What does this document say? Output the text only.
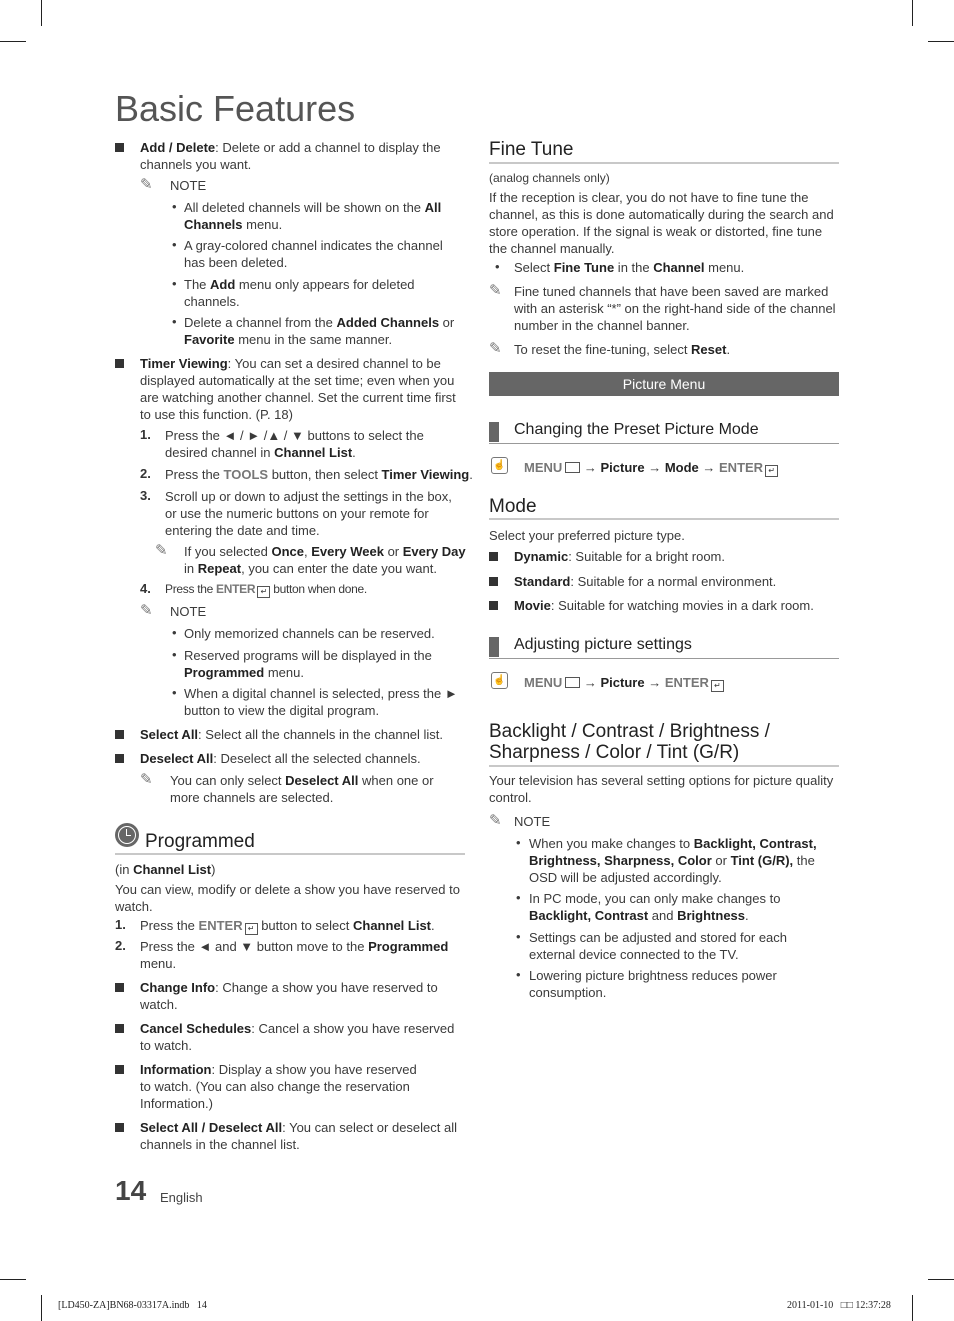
Basic Features
Add / Delete: Delete or add a channel to display the channels you want.
✎ NOTE
• All deleted channels will be shown on the All Channels menu.
• A gray-colored channel indicates the channel has been deleted.
• The Add menu only appears for deleted channels.
• Delete a channel from the Added Channels or
Favorite menu in the same manner.
Timer Viewing: You can set a desired channel to be displayed automatically at the set time; even when you are watching another channel. Set the current time first to use this function. (P. 18)
1. Press the ◄ / ► /▲ / ▼ buttons to select the desired channel in Channel List.
2. Press the TOOLS button, then select Timer Viewing.
3. Scroll up or down to adjust the settings in the box, or use the numeric buttons on your remote for entering the date and time.
✎ If you selected Once, Every Week or Every Day
in Repeat, you can enter the date you want.
4. Press the ENTER ↵ button when done.
✎ NOTE
• Only memorized channels can be reserved.
• Reserved programs will be displayed in the Programmed menu.
• When a digital channel is selected, press the ► button to view the digital program.
Select All: Select all the channels in the channel list.
Deselect All: Deselect all the selected channels.
✎ You can only select Deselect All when one or more channels are selected.
Programmed
(in Channel List)
You can view, modify or delete a show you have reserved to watch.
1. Press the ENTER ↵ button to select Channel List.
2. Press the ◄ and ▼ button move to the Programmed menu.
Change Info: Change a show you have reserved to watch.
Cancel Schedules: Cancel a show you have reserved to watch.
Information: Display a show you have reserved to watch. (You can also change the reservation Information.)
Select All / Deselect All: You can select or deselect all channels in the channel list.
Fine Tune
(analog channels only)
If the reception is clear, you do not have to fine tune the channel, as this is done automatically during the search and store operation. If the signal is weak or distorted, fine tune the channel manually.
• Select Fine Tune in the Channel menu.
✎ Fine tuned channels that have been saved are marked with an asterisk “*” on the right-hand side of the channel number in the channel banner.
✎ To reset the fine-tuning, select Reset.
Picture Menu
Changing the Preset Picture Mode
☝ MENU → Picture → Mode → ENTER ↵
Mode
Select your preferred picture type.
Dynamic: Suitable for a bright room.
Standard: Suitable for a normal environment.
Movie: Suitable for watching movies in a dark room.
Adjusting picture settings
☝ MENU → Picture → ENTER ↵
Backlight / Contrast / Brightness /
Sharpness / Color / Tint (G/R)
Your television has several setting options for picture quality control.
✎ NOTE
• When you make changes to Backlight, Contrast, Brightness, Sharpness, Color or Tint (G/R), the OSD will be adjusted accordingly.
• In PC mode, you can only make changes to Backlight, Contrast and Brightness.
• Settings can be adjusted and stored for each external device connected to the TV.
• Lowering picture brightness reduces power consumption.
14 English
[LD450-ZA]BN68-03317A.indb   14	2011-01-10   □□ 12:37:28
